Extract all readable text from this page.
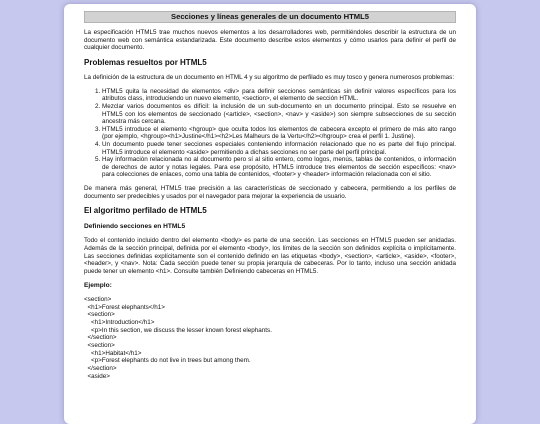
Secciones y líneas generales de un documento HTML5

La especificación HTML5 trae muchos nuevos elementos a los desarrolladores web, permitiéndoles describir la estructura de un documento web con semántica estandarizada. Este documento describe estos elementos y cómo usarlos para definir el perfil de cualquier documento.

Problemas resueltos por HTML5

La definición de la estructura de un documento en HTML 4 y su algoritmo de perfilado es muy tosco y genera numerosos problemas:

1. HTML5 quita la necesidad de elementos <div> para definir secciones semánticas sin definir valores específicos para los atributos class, introduciendo un nuevo elemento, <section>, el elemento de sección HTML.
2. Mezclar varios documentos es difícil: la inclusión de un sub-documento en un documento principal. Esto se resuelve en HTML5 con los elementos de seccionado (<article>, <section>, <nav> y <aside>) son siempre subsecciones de su sección ancestra más cercana.
3. HTML5 introduce el elemento <hgroup> que oculta todos los elementos de cabecera excepto el primero de más alto rango (por ejemplo, <hgroup><h1>Justine</h1><h2>Les Malheurs de la Vertu</h2></hgroup> crea el perfil 1. Justine).
4. Un documento puede tener secciones especiales conteniendo información relacionado que no es parte del flujo principal. HTML5 introduce el elemento <aside> permitiendo a dichas secciones no ser parte del perfil principal.
5. Hay información relacionada no al documento pero sí al sitio entero, como logos, menús, tablas de contenidos, o información de derechos de autor y notas legales. Para ese propósito, HTML5 introduce tres elementos de sección específicos: <nav> para colecciones de enlaces, como una tabla de contenidos, <footer> y <header> información relacionada con el sitio.

De manera más general, HTML5 trae precisión a las características de seccionado y cabecera, permitiendo a los perfiles de documento ser predecibles y usados por el navegador para mejorar la experiencia de usuario.

El algoritmo perfilado de HTML5
Definiendo secciones en HTML5

Todo el contenido incluido dentro del elemento <body> es parte de una sección. Las secciones en HTML5 pueden ser anidadas. Además de la sección principal, definida por el elemento <body>, los límites de la sección son definidos explícita o implícitamente. Las secciones definidas explícitamente son el contenido definido en las etiquetas <body>, <section>, <article>, <aside>, <footer>, <header>, y <nav>. Nota: Cada sección puede tener su propia jerarquía de cabeceras. Por lo tanto, incluso una sección anidada puede tener un elemento <h1>. Consulte también Definiendo cabeceras en HTML5.

Ejemplo:
<section>
<h1>Forest elephants</h1>
<section>
<h1>Introduction</h1>
<p>In this section, we discuss the lesser known forest elephants.
</section>
<section>
<h1>Habitat</h1>
<p>Forest elephants do not live in trees but among them.
</section>
<aside>
